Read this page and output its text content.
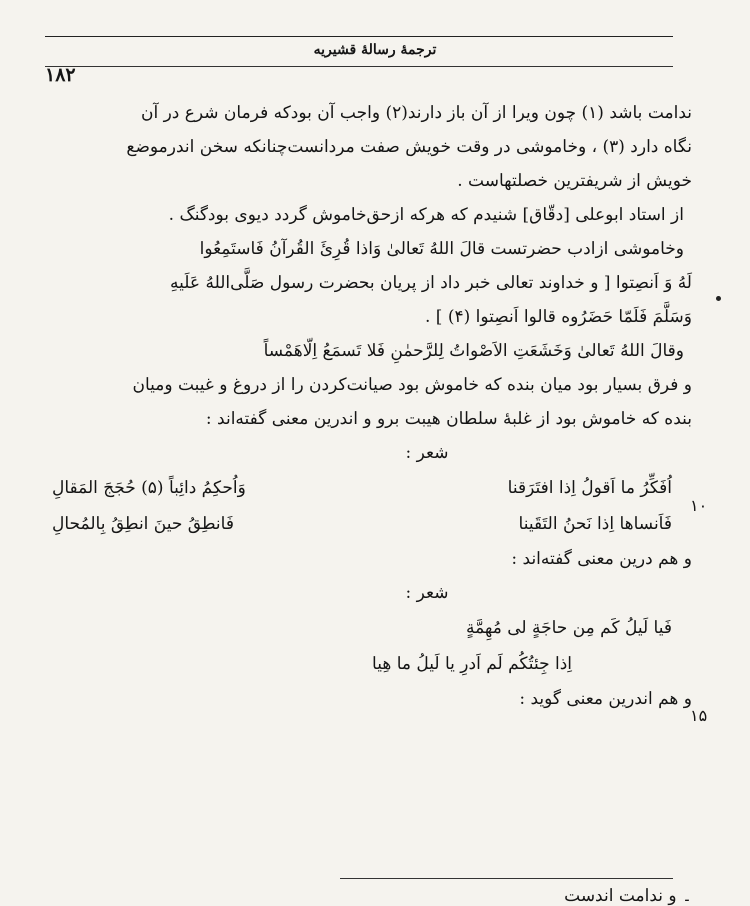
ترجمهٔ رسالهٔ قشیریه
۱۸۲
ندامت باشد (۱) چون ویرا از آن باز دارند(۲) واجب آن بودکه فرمان شرع در آن
نگاه دارد (۳) ، وخاموشی در وقت خویش صفت مردانست‌چنانکه سخن اندرموضع
خویش از شریفترین خصلتهاست .
از استاد ابوعلی [دقّاق] شنیدم که هرکه ازحق‌خاموش گردد دیوی بودگنگ .
وخاموشی ازادب حضرتست قالَ اللهُ تَعالیٰ وَاذا قُرِئَ القُرآنُ فَاستَمِعُوا
لَهُ وَ اَنصِتوا [ و خداوند تعالی خبر داد از پریان بحضرت رسول صَلَّی‌اللهُ عَلَیهِ
وَسَلَّمَ فَلَمّا حَضَرُوه قالوا اَنصِتوا (۴) ] .
وقالَ اللهُ تَعالیٰ وَخَشَعَتِ الاَصْواتُ لِلرَّحمٰنِ فَلا تَسمَعُ اِلّاهَمْساً
و فرق بسیار بود میان بنده که خاموش بود صیانت‌کردن را از دروغ و غیبت ومیان
بنده که خاموش بود از غلبهٔ سلطان هیبت برو و اندرین معنی گفته‌اند :
شعر :
اُفَکِّرُ ما اَقولُ اِذا افتَرَقنا
وَاُحکِمُ دائِباً (۵) حُجَجَ المَقالِ
فَاَنساها اِذا نَحنُ التَقَینا
فَانطِقُ حینَ انطِقُ بِالمُحالِ
و هم درین معنی گفته‌اند :
شعر :
فَیا لَیلُ کَم مِن حاجَةٍ لی مُهِمَّةٍ
اِذا جِئتُکُم لَم اَدرِ یا لَیلُ ما هِیا
و هم اندرین معنی گوید :
۱۰
۱۵
۔ و ندامت اندست
